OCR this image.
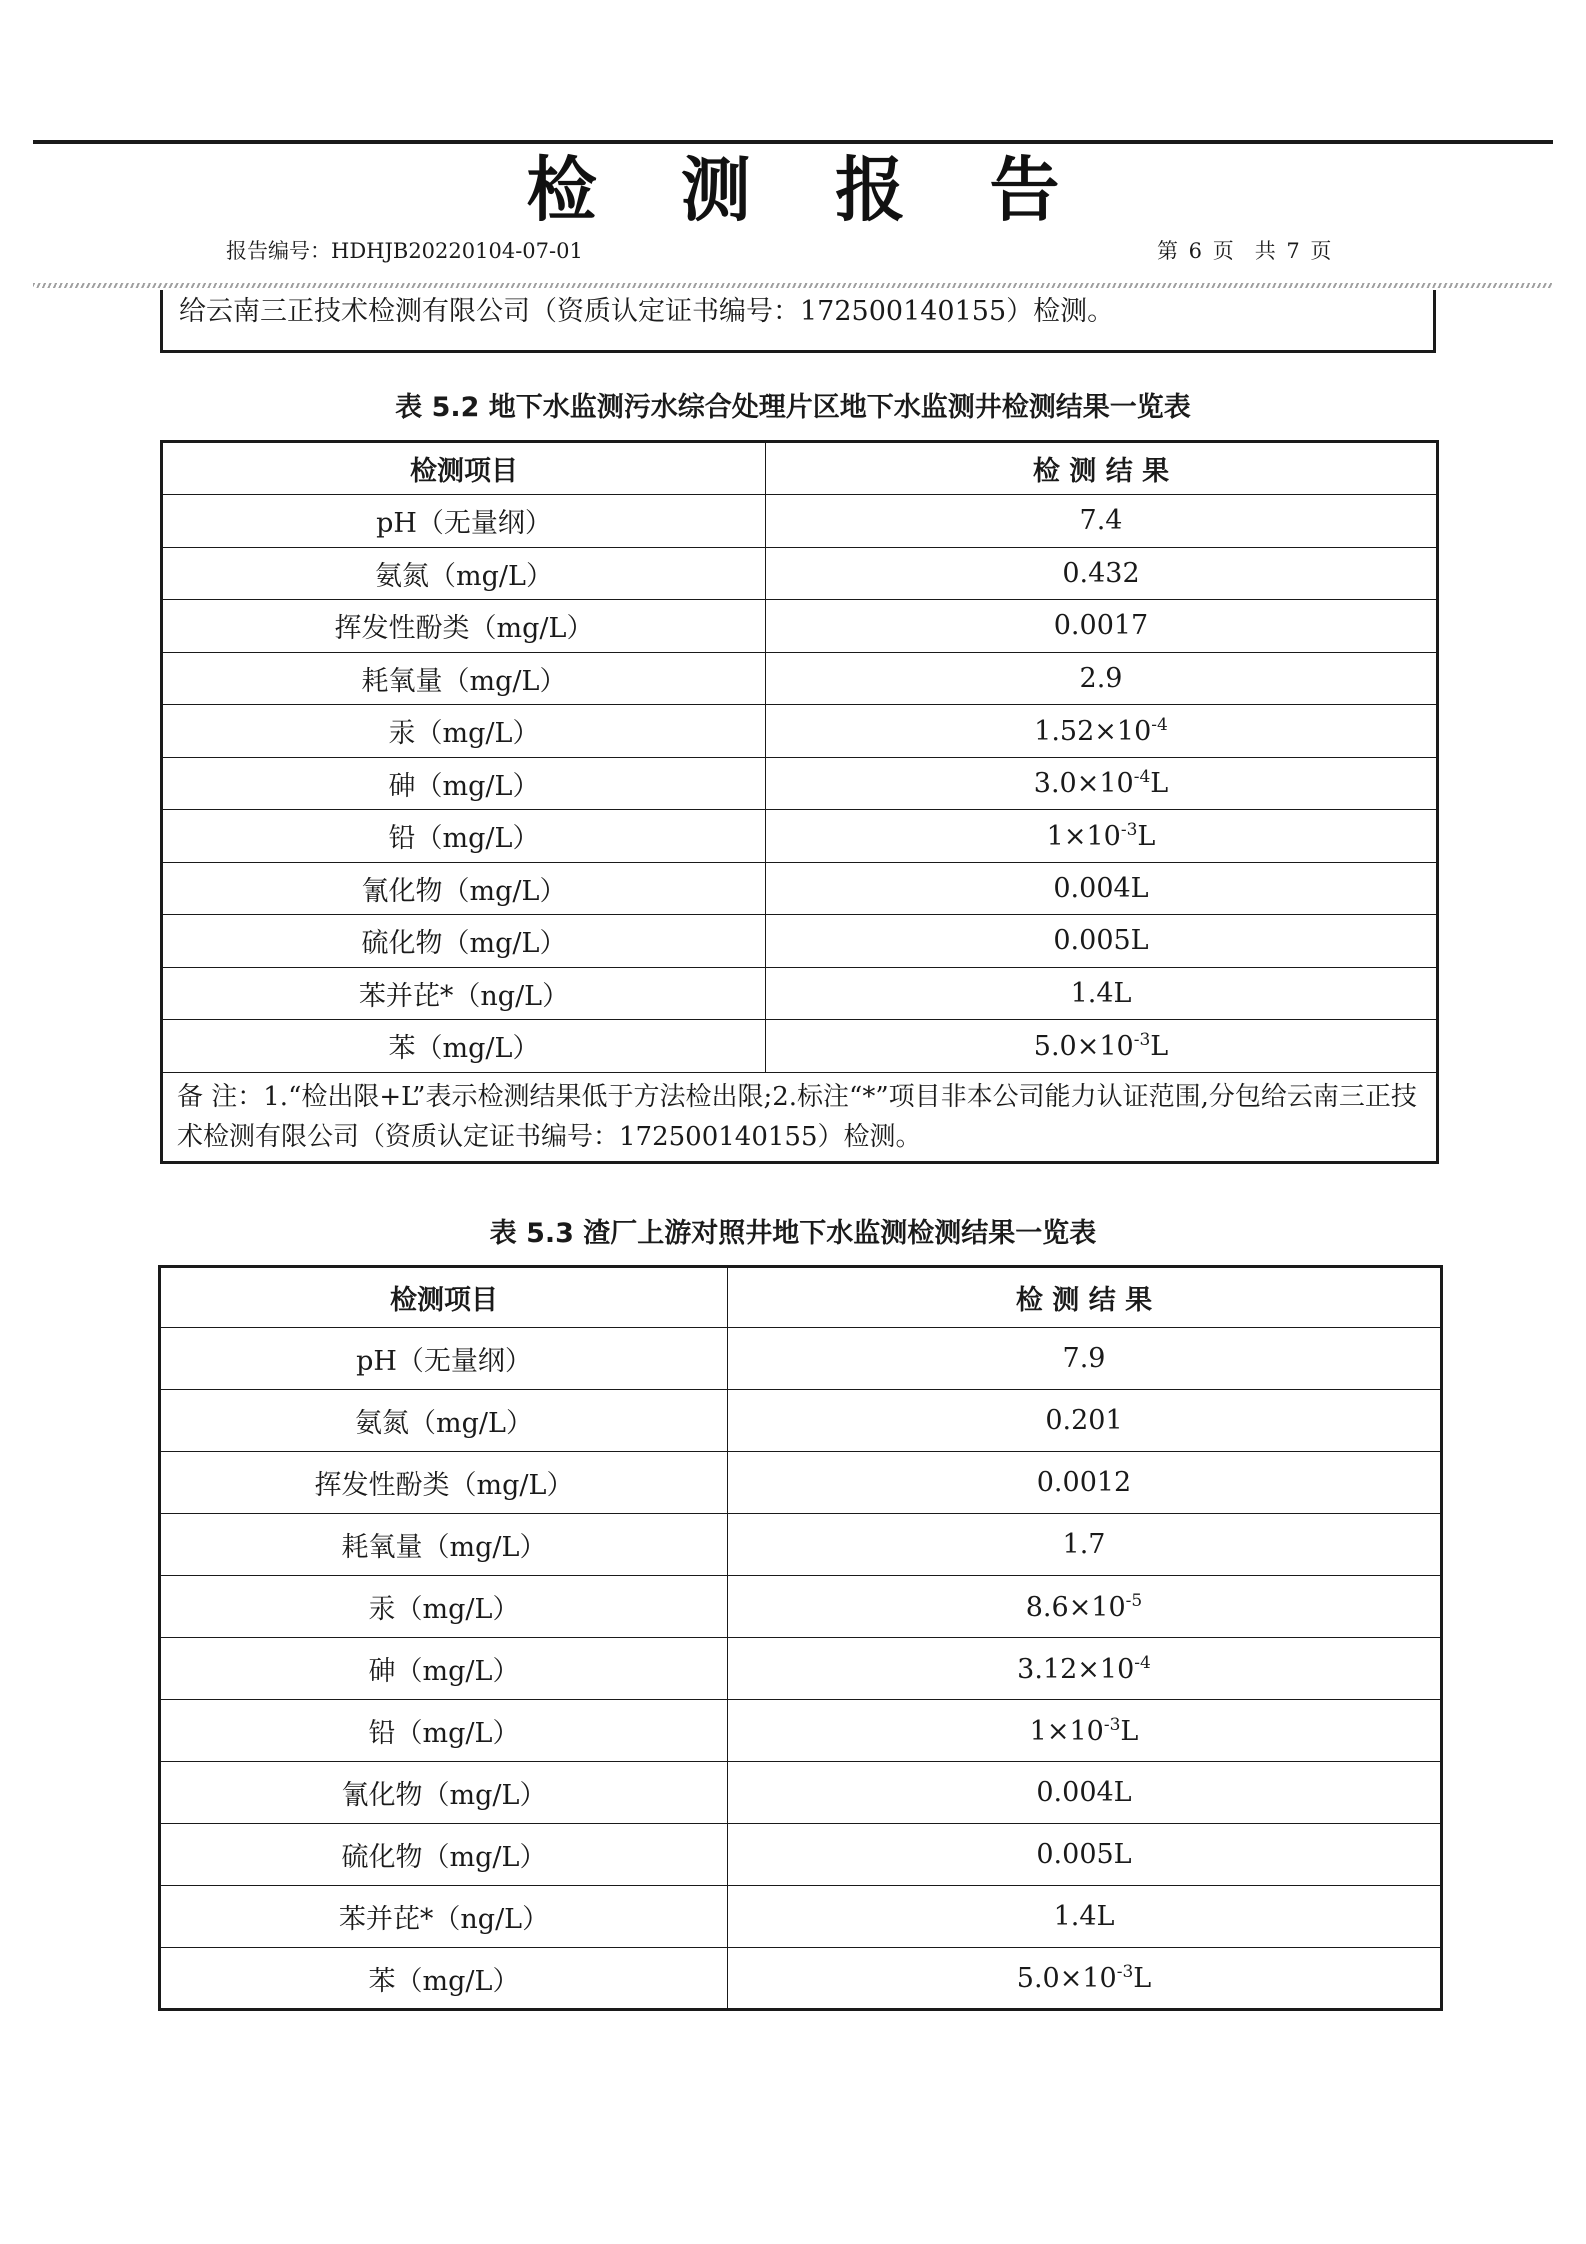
检 测 报 告
报告编号：HDHJB20220104-07-01	第 6 页　共 7 页
给云南三正技术检测有限公司（资质认定证书编号：172500140155）检测。
表 5.2 地下水监测污水综合处理片区地下水监测井检测结果一览表
检测项目	检 测 结 果
pH（无量纲）	7.4
氨氮（mg/L）	0.432
挥发性酚类（mg/L）	0.0017
耗氧量（mg/L）	2.9
汞（mg/L）	$1.52\times 10^{-4}$
砷（mg/L）	$3.0\times 10^{-4}L$
铅（mg/L）	$1\times 10^{-3}L$
氰化物（mg/L）	0.004L
硫化物（mg/L）	0.005L
苯并芘*（ng/L）	1.4L
苯（mg/L）	$5.0\times 10^{-3}L$
备 注：1.“检出限+L”表示检测结果低于方法检出限;2.标注“*”项目非本公司能力认证范围,分包给云南三正技术检测有限公司（资质认定证书编号：172500140155）检测。	
表 5.3 渣厂上游对照井地下水监测检测结果一览表
检测项目	检 测 结 果
pH（无量纲）	7.9
氨氮（mg/L）	0.201
挥发性酚类（mg/L）	0.0012
耗氧量（mg/L）	1.7
汞（mg/L）	$8.6\times 10^{-5}$
砷（mg/L）	$3.12\times 10^{-4}$
铅（mg/L）	$1\times 10^{-3}L$
氰化物（mg/L）	0.004L
硫化物（mg/L）	0.005L
苯并芘*（ng/L）	1.4L
苯（mg/L）	$5.0\times 10^{-3}L$
